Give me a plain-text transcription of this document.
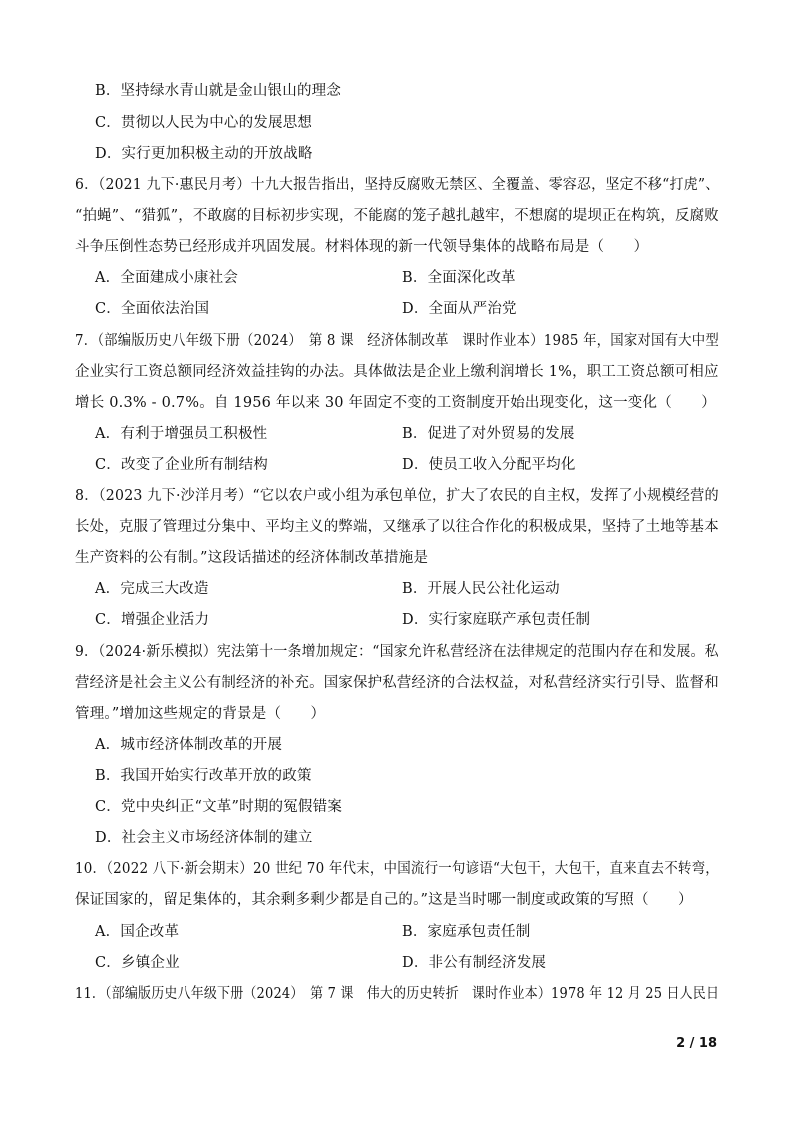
B．坚持绿水青山就是金山银山的理念
C．贯彻以人民为中心的发展思想
D．实行更加积极主动的开放战略
6．（2021 九下·惠民月考）十九大报告指出，坚持反腐败无禁区、全覆盖、零容忍，坚定不移“打虎”、
“拍蝇”、“猎狐”，不敢腐的目标初步实现，不能腐的笼子越扎越牢，不想腐的堤坝正在构筑，反腐败
斗争压倒性态势已经形成并巩固发展。材料体现的新一代领导集体的战略布局是（　　）
A．全面建成小康社会	B．全面深化改革
C．全面依法治国	D．全面从严治党
7．（部编版历史八年级下册（2024）　第 8 课　经济体制改革　课时作业本）1985 年，国家对国有大中型
企业实行工资总额同经济效益挂钩的办法。具体做法是企业上缴利润增长 1%，职工工资总额可相应
增长 0.3% - 0.7%。自 1956 年以来 30 年固定不变的工资制度开始出现变化，这一变化（　　）
A．有利于增强员工积极性	B．促进了对外贸易的发展
C．改变了企业所有制结构	D．使员工收入分配平均化
8．（2023 九下·沙洋月考）“它以农户或小组为承包单位，扩大了农民的自主权，发挥了小规模经营的
长处，克服了管理过分集中、平均主义的弊端，又继承了以往合作化的积极成果，坚持了土地等基本
生产资料的公有制。”这段话描述的经济体制改革措施是
A．完成三大改造	B．开展人民公社化运动
C．增强企业活力	D．实行家庭联产承包责任制
9．（2024·新乐模拟）宪法第十一条增加规定：“国家允许私营经济在法律规定的范围内存在和发展。私
营经济是社会主义公有制经济的补充。国家保护私营经济的合法权益，对私营经济实行引导、监督和
管理。”增加这些规定的背景是（　　）
A．城市经济体制改革的开展
B．我国开始实行改革开放的政策
C．党中央纠正“文革”时期的冤假错案
D．社会主义市场经济体制的建立
10．（2022 八下·新会期末）20 世纪 70 年代末，中国流行一句谚语“大包干，大包干，直来直去不转弯，
保证国家的，留足集体的，其余剩多剩少都是自己的。”这是当时哪一制度或政策的写照（　　）
A．国企改革	B．家庭承包责任制
C．乡镇企业	D．非公有制经济发展
11．（部编版历史八年级下册（2024）　第 7 课　伟大的历史转折　课时作业本）1978 年 12 月 25 日人民日
2 / 18
